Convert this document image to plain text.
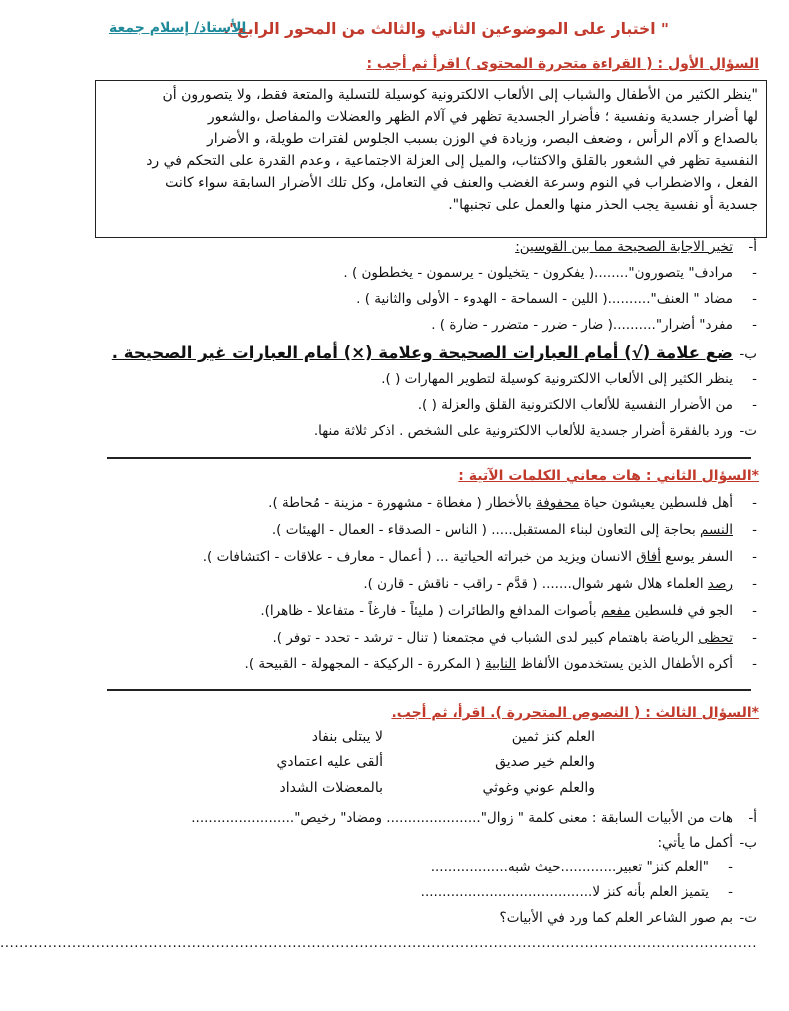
" اختبار على الموضوعين الثاني والثالث من المحور الرابع".
الأستاذ/ إسلام جمعة
السؤال الأول : ( القراءة متحررة المحتوى ) اقرأ ثم أجب :
"ينظر الكثير من الأطفال والشباب إلى الألعاب الالكترونية كوسيلة للتسلية والمتعة فقط، ولا يتصورون أن
لها أضرار جسدية ونفسية ؛ فأضرار الجسدية تظهر في آلام الظهر والعضلات والمفاصل ،والشعور
بالصداع و آلام الرأس ، وضعف البصر، وزيادة في الوزن بسبب الجلوس لفترات طويلة، و الأضرار
النفسية تظهر في الشعور بالقلق والاكتئاب، والميل إلى العزلة الاجتماعية ، وعدم القدرة على التحكم في رد
الفعل ، والاضطراب في النوم وسرعة الغضب والعنف في التعامل، وكل تلك الأضرار السابقة سواء كانت
جسدية أو نفسية يجب الحذر منها والعمل على تجنبها".
أ-تخير الاجابة الصحيحة مما بين القوسين:
-مرادف" يتصورون"........( يفكرون - يتخيلون - يرسمون - يخططون ) .
-مضاد " العنف"..........( اللين - السماحة - الهدوء - الأولى والثانية ) .
-مفرد" أضرار"..........( ضار - ضرر - متضرر - ضارة ) .
ب-ضع علامة (√) أمام العبارات الصحيحة وعلامة (×) أمام العبارات غير الصحيحة .
-ينظر الكثير إلى الألعاب الالكترونية كوسيلة لتطوير المهارات ( ).
-من الأضرار النفسية للألعاب الالكترونية القلق والعزلة ( ).
ت-ورد بالفقرة أضرار جسدية للألعاب الالكترونية على الشخص . اذكر ثلاثة منها.
*السؤال الثاني : هات معاني الكلمات الآتية :
-أهل فلسطين يعيشون حياة محفوفة بالأخطار ( مغطاة - مشهورة - مزينة - مُحاطة ).
-النسم بحاجة إلى التعاون لبناء المستقبل..... ( الناس - الصدقاء - العمال - الهيئات ).
-السفر يوسع أفاق الانسان ويزيد من خبراته الحياتية ... ( أعمال - معارف - علاقات - اكتشافات ).
-رصد العلماء هلال شهر شوال....... ( قدَّم - راقب - ناقش - قارن ).
-الجو في فلسطين مفعم بأصوات المدافع والطائرات ( مليئاً - فارغاً - متفاعلا - ظاهرا).
-تحظى الرياضة باهتمام كبير لدى الشباب في مجتمعنا ( تنال - ترشد - تحدد - توفر ).
-أكره الأطفال الذين يستخدمون الألفاظ النابية ( المكررة - الركيكة - المجهولة - القبيحة ).
*السؤال الثالث : ( النصوص المتحررة ). اقرأ، ثم أجب.
العلم كنز ثمين
لا يبتلى بنفاد
والعلم خير صديق
ألقى عليه اعتمادي
والعلم عوني وغوثي
بالمعضلات الشداد
أ-هات من الأبيات السابقة : معنى كلمة " زوال"...................... ومضاد" رخيص"........................
ب-أكمل ما يأتي:
-"العلم كنز" تعبير.............حيث شبه..................
-يتميز العلم بأنه كنز لا........................................
ت-بم صور الشاعر العلم كما ورد في الأبيات؟
..............................................................................................................................................................
